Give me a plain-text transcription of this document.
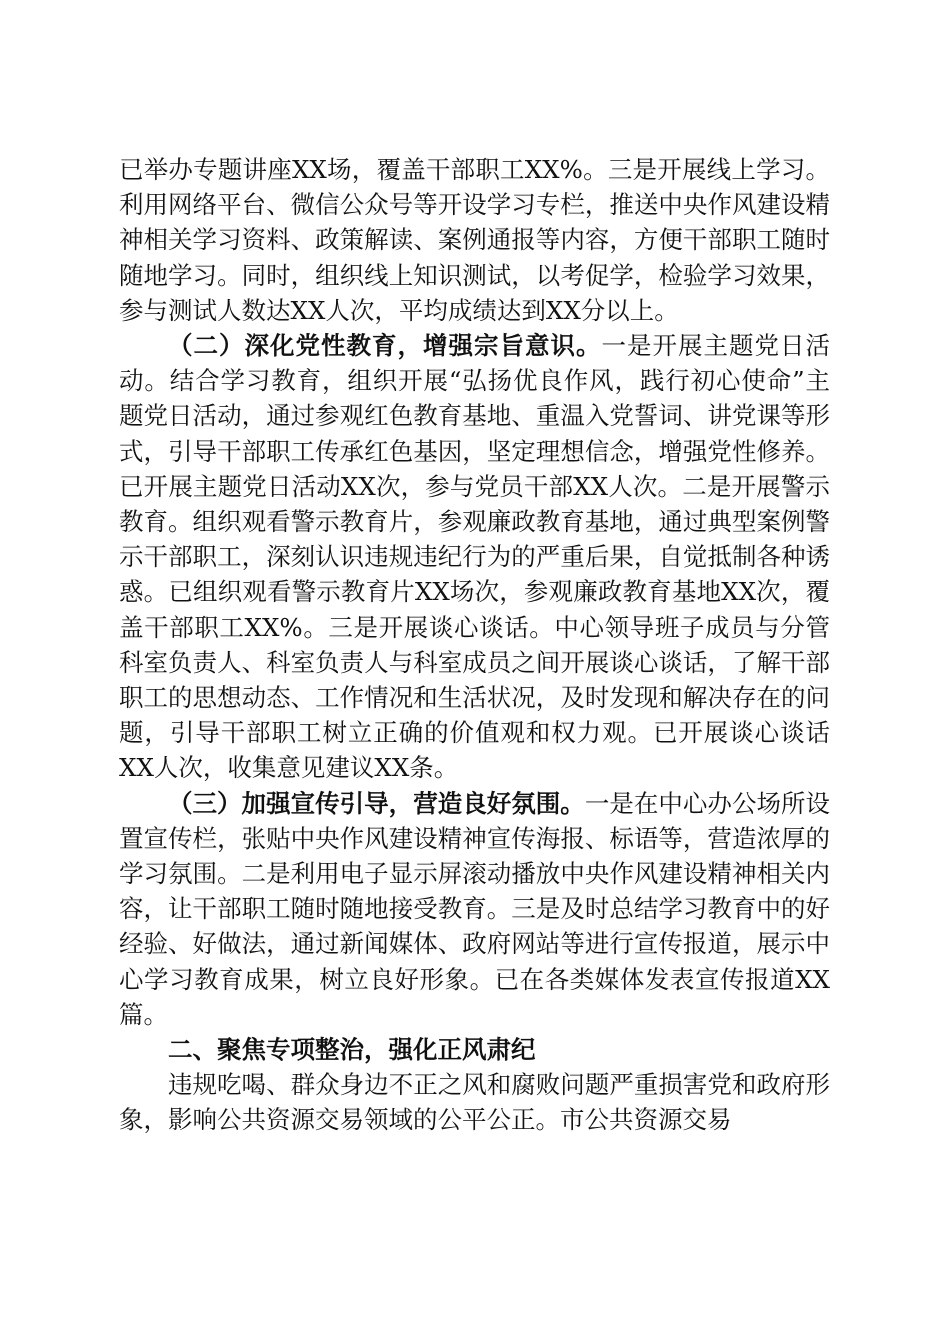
已举办专题讲座XX场，覆盖干部职工XX%。三是开展线上学习。利用网络平台、微信公众号等开设学习专栏，推送中央作风建设精神相关学习资料、政策解读、案例通报等内容，方便干部职工随时随地学习。同时，组织线上知识测试，以考促学，检验学习效果，参与测试人数达XX人次，平均成绩达到XX分以上。

（二）深化党性教育，增强宗旨意识。一是开展主题党日活动。结合学习教育，组织开展“弘扬优良作风，践行初心使命”主题党日活动，通过参观红色教育基地、重温入党誓词、讲党课等形式，引导干部职工传承红色基因，坚定理想信念，增强党性修养。已开展主题党日活动XX次，参与党员干部XX人次。二是开展警示教育。组织观看警示教育片，参观廉政教育基地，通过典型案例警示干部职工，深刻认识违规违纪行为的严重后果，自觉抵制各种诱惑。已组织观看警示教育片XX场次，参观廉政教育基地XX次，覆盖干部职工XX%。三是开展谈心谈话。中心领导班子成员与分管科室负责人、科室负责人与科室成员之间开展谈心谈话，了解干部职工的思想动态、工作情况和生活状况，及时发现和解决存在的问题，引导干部职工树立正确的价值观和权力观。已开展谈心谈话XX人次，收集意见建议XX条。

（三）加强宣传引导，营造良好氛围。一是在中心办公场所设置宣传栏，张贴中央作风建设精神宣传海报、标语等，营造浓厚的学习氛围。二是利用电子显示屏滚动播放中央作风建设精神相关内容，让干部职工随时随地接受教育。三是及时总结学习教育中的好经验、好做法，通过新闻媒体、政府网站等进行宣传报道，展示中心学习教育成果，树立良好形象。已在各类媒体发表宣传报道XX篇。

二、聚焦专项整治，强化正风肃纪

违规吃喝、群众身边不正之风和腐败问题严重损害党和政府形象，影响公共资源交易领域的公平公正。市公共资源交易
